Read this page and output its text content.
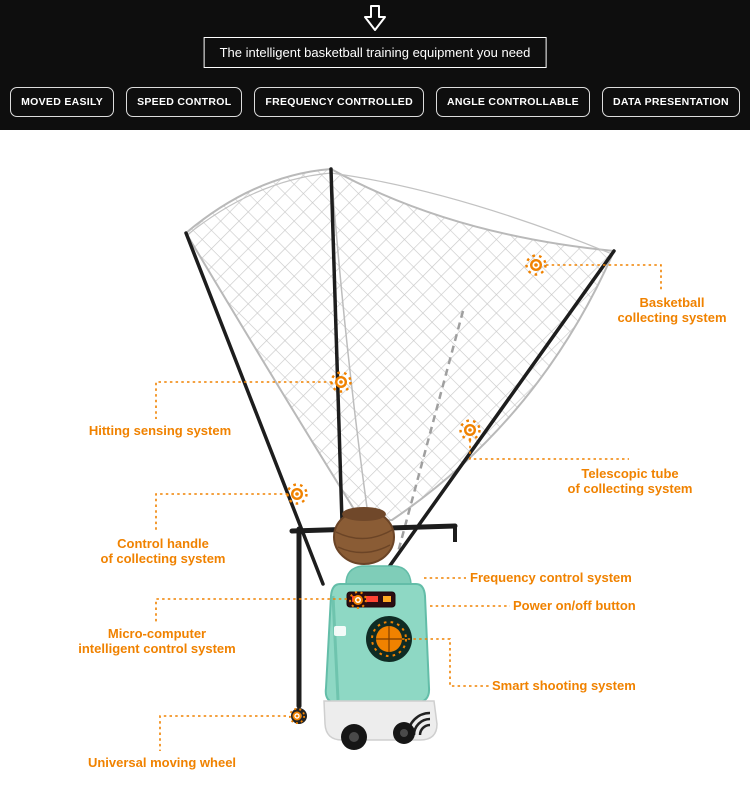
Basketball
collecting system
Hitting sensing system
Telescopic tube
of collecting system
Control handle
of collecting system
Frequency control system
Power on/off button
Micro-computer
intelligent control system
Smart shooting system
Universal moving wheel
The intelligent basketball training equipment you need
MOVED EASILY	SPEED CONTROL	FREQUENCY CONTROLLED	ANGLE CONTROLLABLE	DATA PRESENTATION
